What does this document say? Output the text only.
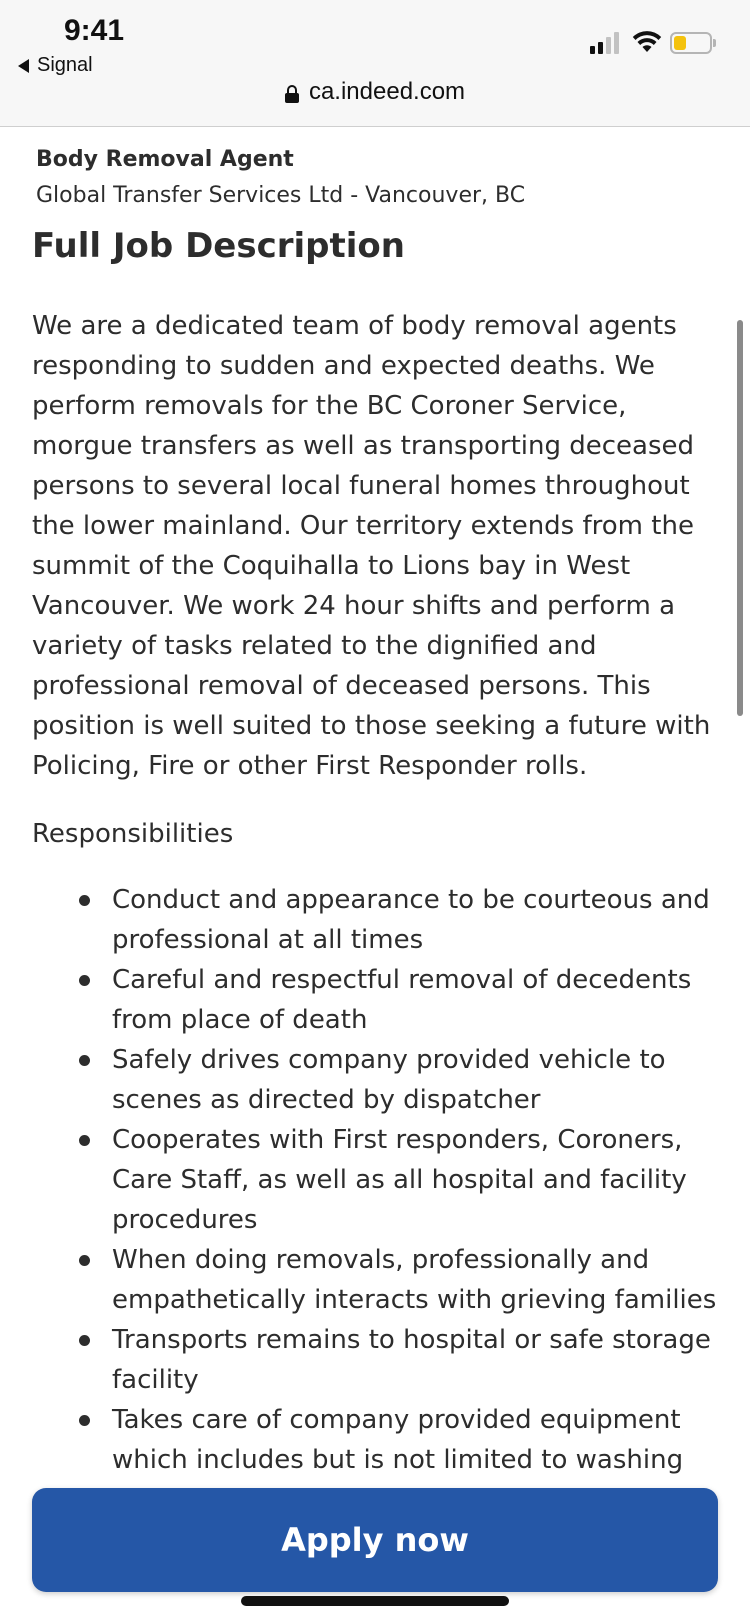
9:41
Signal
ca.indeed.com
Body Removal Agent
Global Transfer Services Ltd - Vancouver, BC
Full Job Description

We are a dedicated team of body removal agents responding to sudden and expected deaths. We perform removals for the BC Coroner Service, morgue transfers as well as transporting deceased persons to several local funeral homes throughout the lower mainland. Our territory extends from the summit of the Coquihalla to Lions bay in West Vancouver. We work 24 hour shifts and perform a variety of tasks related to the dignified and professional removal of deceased persons. This position is well suited to those seeking a future with Policing, Fire or other First Responder rolls.

Responsibilities

Conduct and appearance to be courteous and professional at all times
Careful and respectful removal of decedents from place of death
Safely drives company provided vehicle to scenes as directed by dispatcher
Cooperates with First responders, Coroners, Care Staff, as well as all hospital and facility procedures
When doing removals, professionally and empathetically interacts with grieving families
Transports remains to hospital or safe storage facility
Takes care of company provided equipment which includes but is not limited to washing
Apply now
